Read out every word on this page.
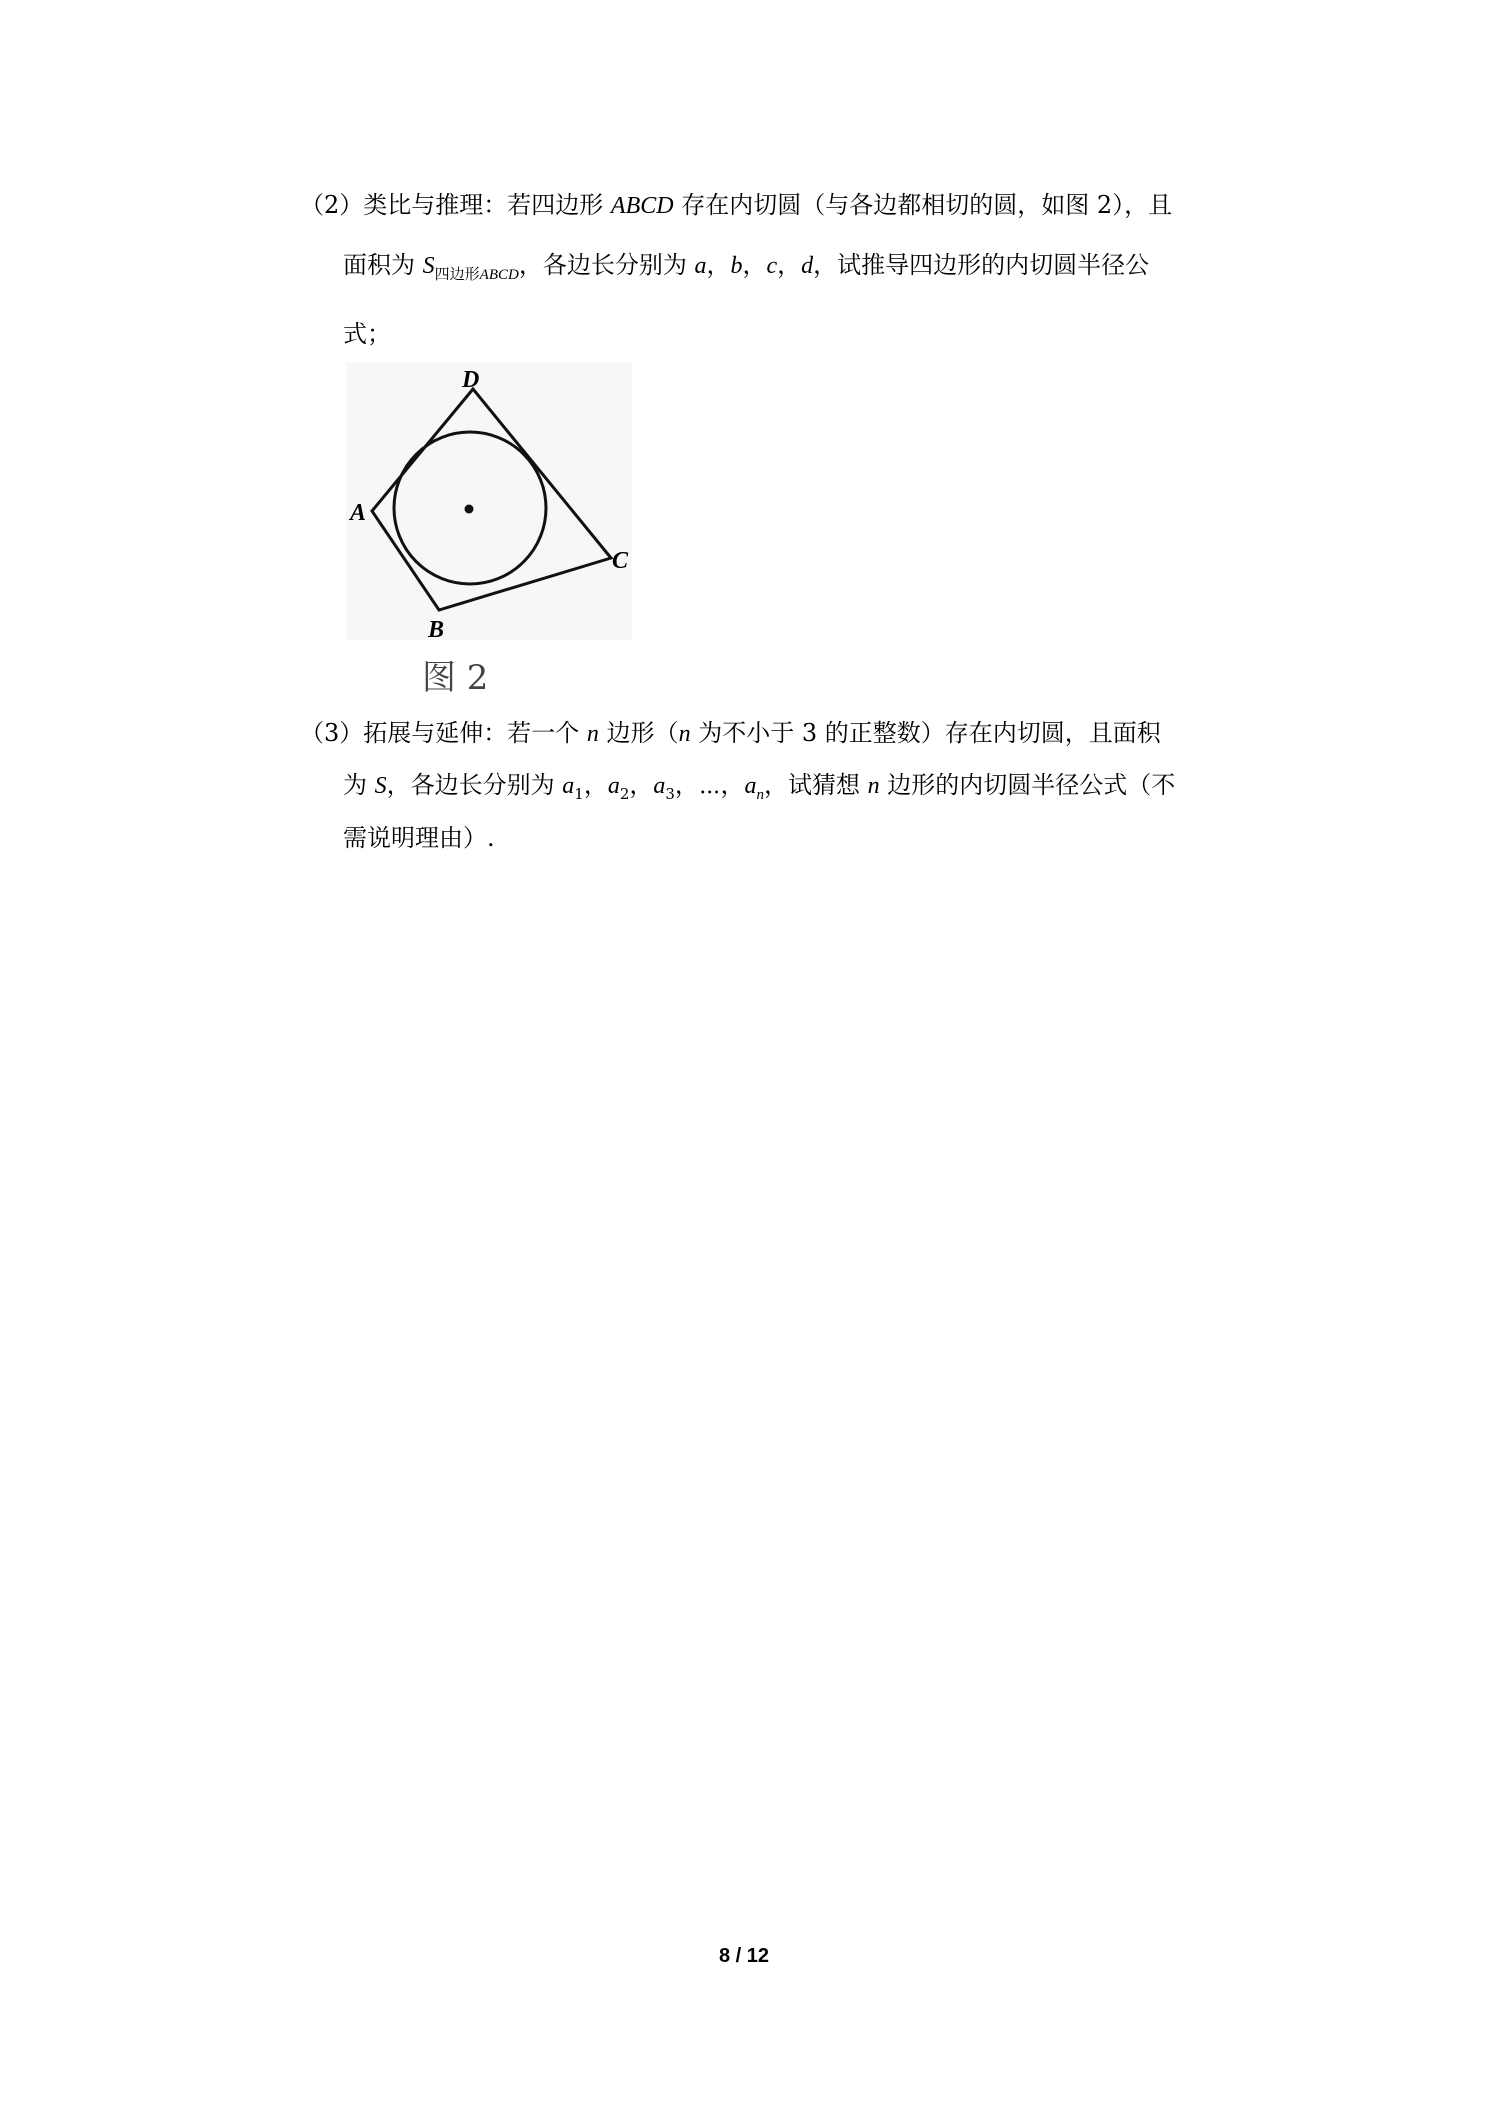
（2）类比与推理：若四边形 ABCD 存在内切圆（与各边都相切的圆，如图 2），且
面积为 $S_{四边形ABCD}$，各边长分别为 a，b，c，d，试推导四边形的内切圆半径公
式；
D
A
B
C
图 2
（3）拓展与延伸：若一个 n 边形（n 为不小于 3 的正整数）存在内切圆，且面积
为 S，各边长分别为 $a_1$，$a_2$，$a_3$，⋯，$a_n$，试猜想 n 边形的内切圆半径公式（不
需说明理由）.
8 / 12
